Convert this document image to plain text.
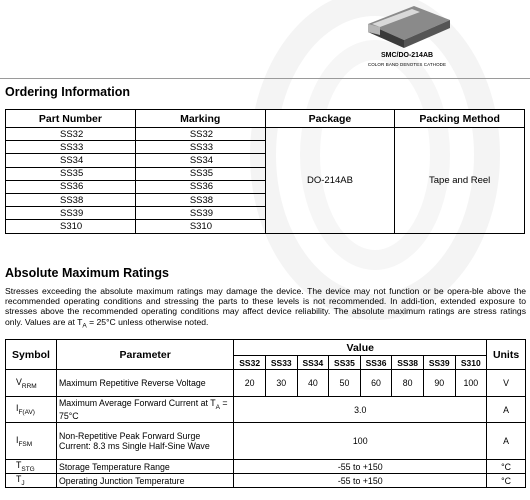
SMC/DO-214AB
COLOR BAND DENOTES CATHODE
Ordering Information
Part Number	Marking	Package	Packing Method
SS32	SS32	DO-214AB	Tape and Reel
SS33	SS33		
SS34	SS34		
SS35	SS35		
SS36	SS36		
SS38	SS38		
SS39	SS39		
S310	S310		
Absolute Maximum Ratings

Stresses exceeding the absolute maximum ratings may damage the device. The device may not function or be opera-ble above the recommended operating conditions and stressing the parts to these levels is not recommended. In addi-tion, extended exposure to stresses above the recommended operating conditions may affect device reliability. The absolute maximum ratings are stress ratings only. Values are at $T_A = 25^\circ C$ unless otherwise noted.

Symbol	Parameter	Value								Units
		SS32	SS33	SS34	SS35	SS36	SS38	SS39	S310	
$V_{RRM}$	Maximum Repetitive Reverse Voltage	20	30	40	50	60	80	90	100	V
$I_{F(AV)}$	Maximum Average Forward Current at $T_A = 75^\circ C$	3.0								A
$I_{FSM}$	Non-Repetitive Peak Forward Surge Current: 8.3 ms Single Half-Sine Wave	100								A
$T_{STG}$	Storage Temperature Range	-55 to +150								°C
$T_J$	Operating Junction Temperature	-55 to +150								°C
